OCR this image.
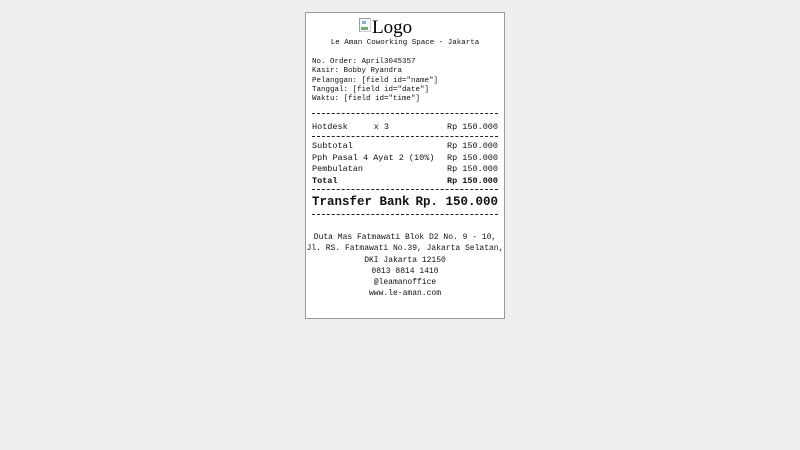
Logo
Le Aman Coworking Space - Jakarta
No. Order: April3045357
Kasir: Bobby Ryandra
Pelanggan: [field id="name"]
Tanggal: [field id="date"]
Waktu: [field id="time"]
Hotdesk	x 3	Rp 150.000
Subtotal	Rp 150.000
Pph Pasal 4 Ayat 2 (10%) Rp 150.000
Pembulatan	Rp 150.000
Total	Rp 150.000
Transfer Bank Rp. 150.000
Duta Mas Fatmawati Blok D2 No. 9 - 10,
Jl. RS. Fatmawati No.39, Jakarta Selatan,
DKI Jakarta 12150
0813 8814 1410
@leamanoffice
www.le-aman.com
